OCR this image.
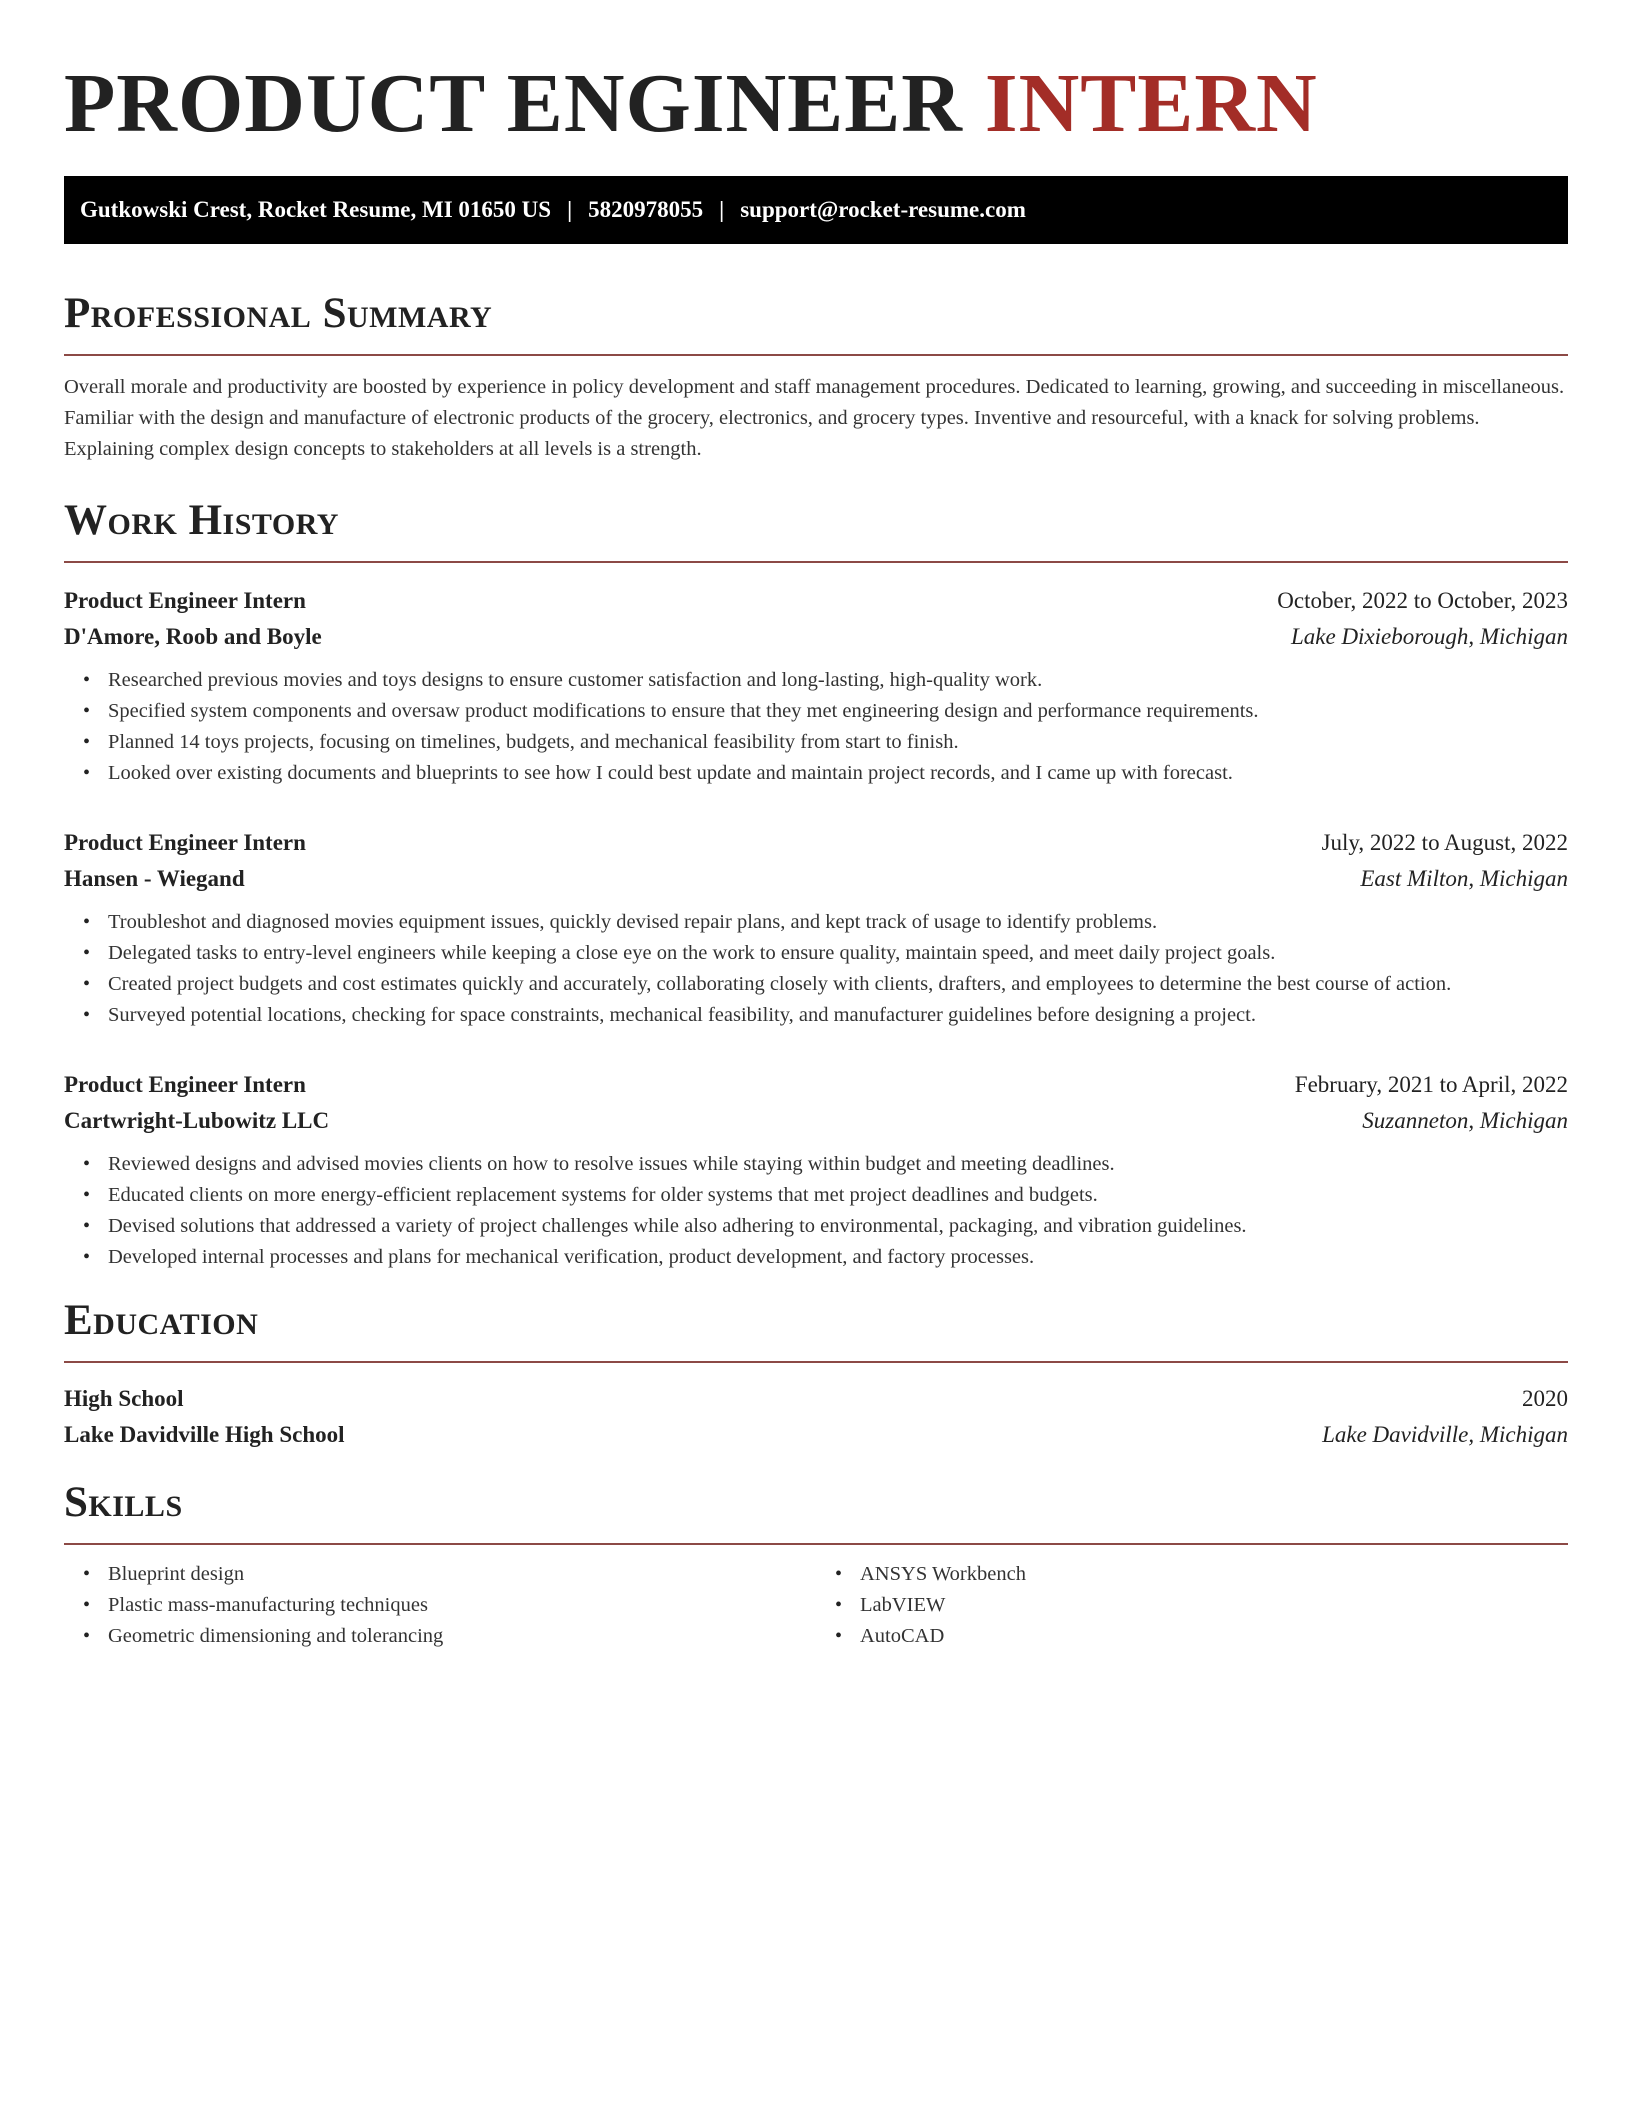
PRODUCT ENGINEER INTERN
Gutkowski Crest, Rocket Resume, MI 01650 US | 5820978055 | support@rocket-resume.com
Professional Summary

Overall morale and productivity are boosted by experience in policy development and staff management procedures. Dedicated to learning, growing, and succeeding in miscellaneous. Familiar with the design and manufacture of electronic products of the grocery, electronics, and grocery types. Inventive and resourceful, with a knack for solving problems. Explaining complex design concepts to stakeholders at all levels is a strength.

Work History
Product Engineer Intern	October, 2022 to October, 2023
D'Amore, Roob and Boyle	Lake Dixieborough, Michigan
• Researched previous movies and toys designs to ensure customer satisfaction and long-lasting, high-quality work.
• Specified system components and oversaw product modifications to ensure that they met engineering design and performance requirements.
• Planned 14 toys projects, focusing on timelines, budgets, and mechanical feasibility from start to finish.
• Looked over existing documents and blueprints to see how I could best update and maintain project records, and I came up with forecast.
Product Engineer Intern	July, 2022 to August, 2022
Hansen - Wiegand	East Milton, Michigan
• Troubleshot and diagnosed movies equipment issues, quickly devised repair plans, and kept track of usage to identify problems.
• Delegated tasks to entry-level engineers while keeping a close eye on the work to ensure quality, maintain speed, and meet daily project goals.
• Created project budgets and cost estimates quickly and accurately, collaborating closely with clients, drafters, and employees to determine the best course of action.
• Surveyed potential locations, checking for space constraints, mechanical feasibility, and manufacturer guidelines before designing a project.
Product Engineer Intern	February, 2021 to April, 2022
Cartwright-Lubowitz LLC	Suzanneton, Michigan
• Reviewed designs and advised movies clients on how to resolve issues while staying within budget and meeting deadlines.
• Educated clients on more energy-efficient replacement systems for older systems that met project deadlines and budgets.
• Devised solutions that addressed a variety of project challenges while also adhering to environmental, packaging, and vibration guidelines.
• Developed internal processes and plans for mechanical verification, product development, and factory processes.
Education
High School	2020
Lake Davidville High School	Lake Davidville, Michigan
Skills
• Blueprint design
• Plastic mass-manufacturing techniques
• Geometric dimensioning and tolerancing
• ANSYS Workbench
• LabVIEW
• AutoCAD
